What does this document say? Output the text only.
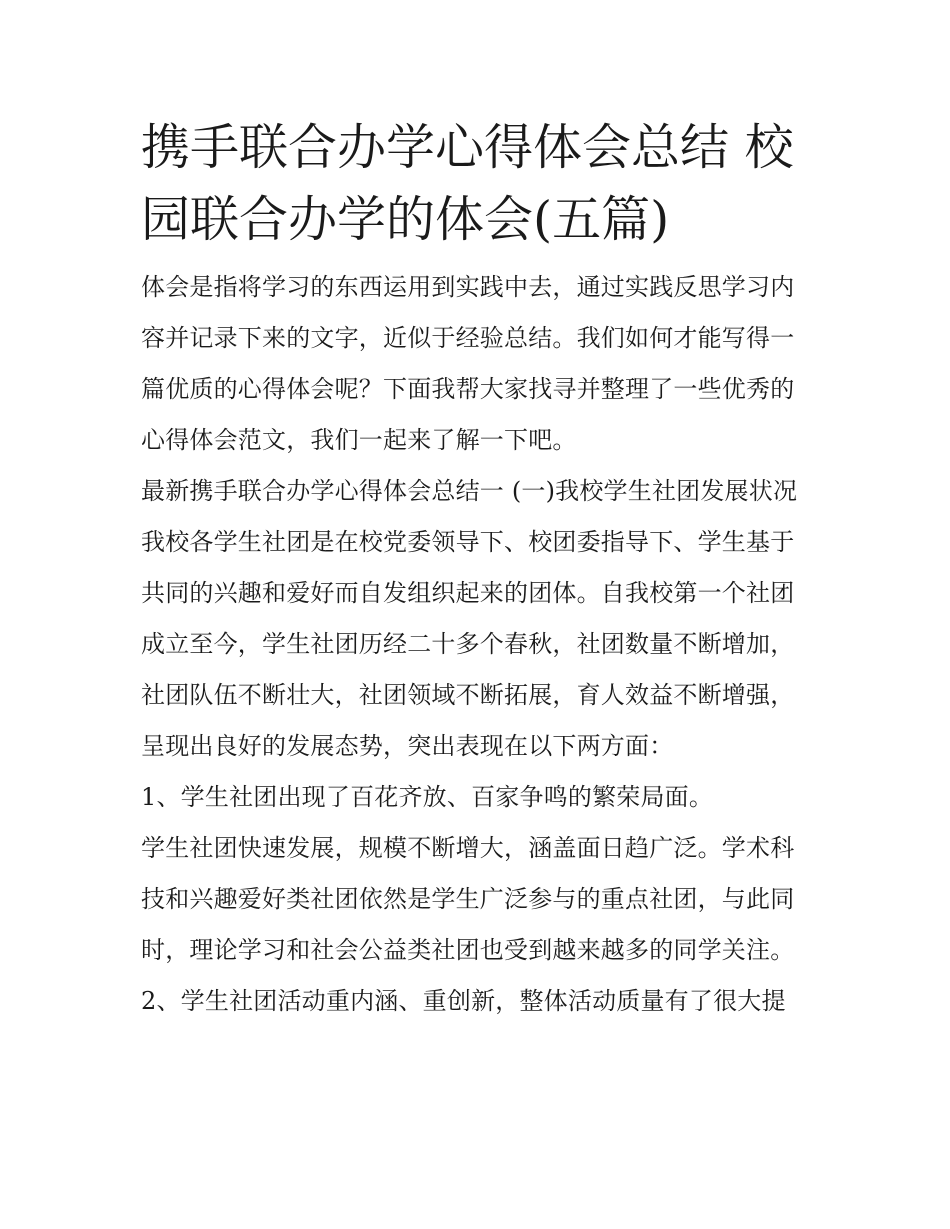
携手联合办学心得体会总结 校园联合办学的体会(五篇)

体会是指将学习的东西运用到实践中去，通过实践反思学习内容并记录下来的文字，近似于经验总结。我们如何才能写得一篇优质的心得体会呢？下面我帮大家找寻并整理了一些优秀的心得体会范文，我们一起来了解一下吧。

最新携手联合办学心得体会总结一 (一)我校学生社团发展状况

我校各学生社团是在校党委领导下、校团委指导下、学生基于共同的兴趣和爱好而自发组织起来的团体。自我校第一个社团成立至今，学生社团历经二十多个春秋，社团数量不断增加，社团队伍不断壮大，社团领域不断拓展，育人效益不断增强，呈现出良好的发展态势，突出表现在以下两方面：

1、学生社团出现了百花齐放、百家争鸣的繁荣局面。

学生社团快速发展，规模不断增大，涵盖面日趋广泛。学术科技和兴趣爱好类社团依然是学生广泛参与的重点社团，与此同时，理论学习和社会公益类社团也受到越来越多的同学关注。

2、学生社团活动重内涵、重创新，整体活动质量有了很大提
